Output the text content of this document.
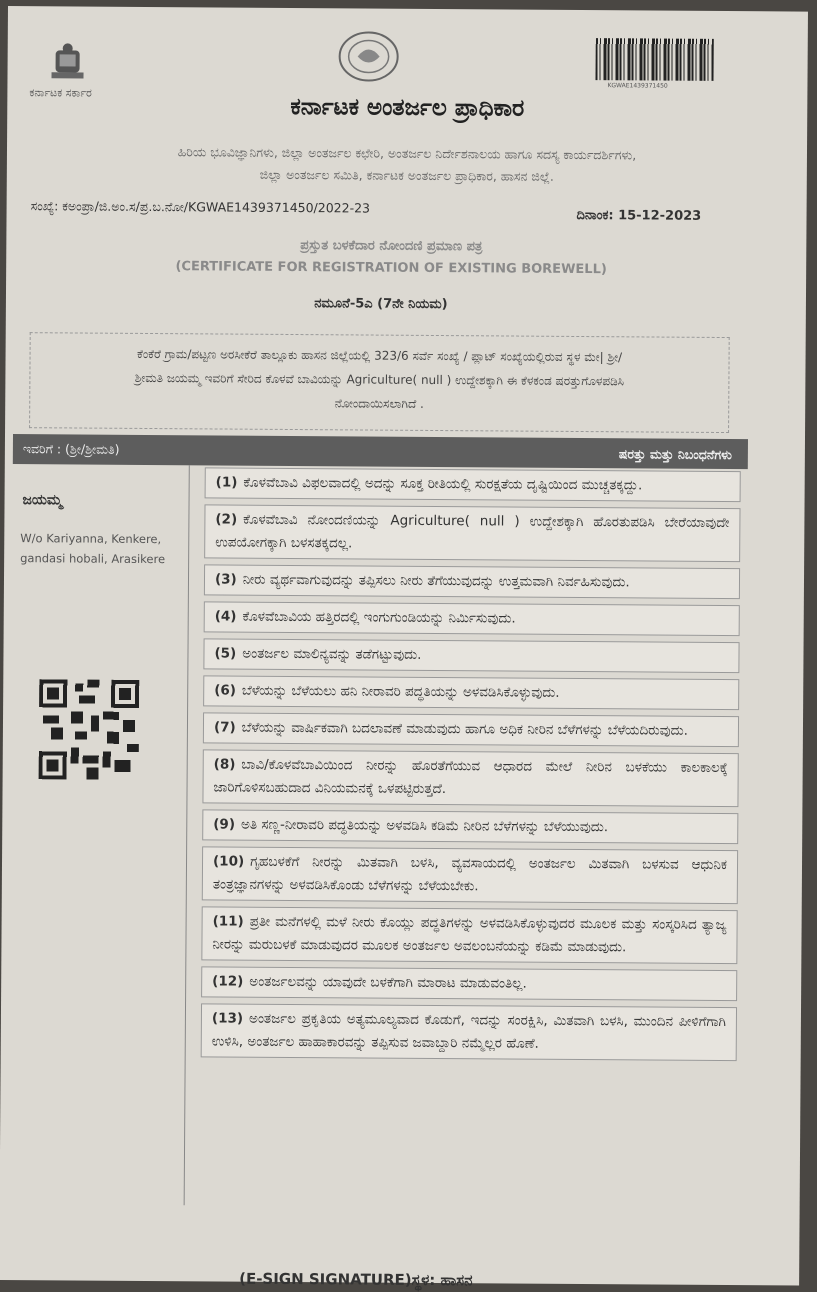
ಕರ್ನಾಟಕ ಸರ್ಕಾರ
KGWAE1439371450
ಕರ್ನಾಟಕ ಅಂತರ್ಜಲ ಪ್ರಾಧಿಕಾರ
ಹಿರಿಯ ಭೂವಿಜ್ಞಾನಿಗಳು, ಜಿಲ್ಲಾ ಅಂತರ್ಜಲ ಕಛೇರಿ, ಅಂತರ್ಜಲ ನಿರ್ದೇಶನಾಲಯ ಹಾಗೂ ಸದಸ್ಯ ಕಾರ್ಯದರ್ಶಿಗಳು,
ಜಿಲ್ಲಾ ಅಂತರ್ಜಲ ಸಮಿತಿ, ಕರ್ನಾಟಕ ಅಂತರ್ಜಲ ಪ್ರಾಧಿಕಾರ, ಹಾಸನ ಜಿಲ್ಲೆ.
ಸಂಖ್ಯೆ: ಕಅಂಪ್ರಾ/ಜಿ.ಅಂ.ಸ/ಪ್ರ.ಬ.ನೋ/KGWAE1439371450/2022-23
ದಿನಾಂಕ: 15-12-2023
ಪ್ರಸ್ತುತ ಬಳಕೆದಾರ ನೋಂದಣಿ ಪ್ರಮಾಣ ಪತ್ರ
(CERTIFICATE FOR REGISTRATION OF EXISTING BOREWELL)
ನಮೂನೆ-5ಎ (7ನೇ ನಿಯಮ)
ಕೆಂಕೆರೆ ಗ್ರಾಮ/ಪಟ್ಟಣ ಅರಸೀಕೆರೆ ತಾಲ್ಲೂಕು ಹಾಸನ ಜಿಲ್ಲೆಯಲ್ಲಿ 323/6 ಸರ್ವೆ ಸಂಖ್ಯೆ / ಪ್ಲಾಟ್ ಸಂಖ್ಯೆಯಲ್ಲಿರುವ ಸ್ಥಳ ಮೇ| ಶ್ರೀ/
ಶ್ರೀಮತಿ ಜಯಮ್ಮ ಇವರಿಗೆ ಸೇರಿದ ಕೊಳವೆ ಬಾವಿಯನ್ನು Agriculture( null ) ಉದ್ದೇಶಕ್ಕಾಗಿ ಈ ಕೆಳಕಂಡ ಷರತ್ತುಗೊಳಪಡಿಸಿ
ನೋಂದಾಯಿಸಲಾಗಿದೆ .
ಇವರಿಗೆ : (ಶ್ರೀ/ಶ್ರೀಮತಿ)	ಷರತ್ತು ಮತ್ತು ನಿಬಂಧನೆಗಳು
ಜಯಮ್ಮ
W/o Kariyanna, Kenkere, gandasi hobali, Arasikere
(1) ಕೊಳವೆಬಾವಿ ವಿಫಲವಾದಲ್ಲಿ ಅದನ್ನು ಸೂಕ್ತ ರೀತಿಯಲ್ಲಿ ಸುರಕ್ಷತೆಯ ದೃಷ್ಟಿಯಿಂದ ಮುಚ್ಚತಕ್ಕದ್ದು.
(2) ಕೊಳವೆಬಾವಿ ನೋಂದಣಿಯನ್ನು Agriculture( null ) ಉದ್ದೇಶಕ್ಕಾಗಿ ಹೊರತುಪಡಿಸಿ ಬೇರೆಯಾವುದೇ ಉಪಯೋಗಕ್ಕಾಗಿ ಬಳಸತಕ್ಕದಲ್ಲ.
(3) ನೀರು ವ್ಯರ್ಥವಾಗುವುದನ್ನು ತಪ್ಪಿಸಲು ನೀರು ತೆಗೆಯುವುದನ್ನು ಉತ್ತಮವಾಗಿ ನಿರ್ವಹಿಸುವುದು.
(4) ಕೊಳವೆಬಾವಿಯ ಹತ್ತಿರದಲ್ಲಿ ಇಂಗುಗುಂಡಿಯನ್ನು ನಿರ್ಮಿಸುವುದು.
(5) ಅಂತರ್ಜಲ ಮಾಲಿನ್ಯವನ್ನು ತಡೆಗಟ್ಟುವುದು.
(6) ಬೆಳೆಯನ್ನು ಬೆಳೆಯಲು ಹನಿ ನೀರಾವರಿ ಪದ್ಧತಿಯನ್ನು ಅಳವಡಿಸಿಕೊಳ್ಳುವುದು.
(7) ಬೆಳೆಯನ್ನು ವಾರ್ಷಿಕವಾಗಿ ಬದಲಾವಣೆ ಮಾಡುವುದು ಹಾಗೂ ಅಧಿಕ ನೀರಿನ ಬೆಳೆಗಳನ್ನು ಬೆಳೆಯದಿರುವುದು.
(8) ಬಾವಿ/ಕೊಳವೆಬಾವಿಯಿಂದ ನೀರನ್ನು ಹೊರತೆಗೆಯುವ ಆಧಾರದ ಮೇಲೆ ನೀರಿನ ಬಳಕೆಯು ಕಾಲಕಾಲಕ್ಕೆ ಜಾರಿಗೊಳಿಸಬಹುದಾದ ವಿನಿಯಮನಕ್ಕೆ ಒಳಪಟ್ಟಿರುತ್ತದೆ.
(9) ಅತಿ ಸಣ್ಣ-ನೀರಾವರಿ ಪದ್ಧತಿಯನ್ನು ಅಳವಡಿಸಿ ಕಡಿಮೆ ನೀರಿನ ಬೆಳೆಗಳನ್ನು ಬೆಳೆಯುವುದು.
(10) ಗೃಹಬಳಕೆಗೆ ನೀರನ್ನು ಮಿತವಾಗಿ ಬಳಸಿ, ವ್ಯವಸಾಯದಲ್ಲಿ ಅಂತರ್ಜಲ ಮಿತವಾಗಿ ಬಳಸುವ ಆಧುನಿಕ ತಂತ್ರಜ್ಞಾನಗಳನ್ನು ಅಳವಡಿಸಿಕೊಂಡು ಬೆಳೆಗಳನ್ನು ಬೆಳೆಯಬೇಕು.
(11) ಪ್ರತೀ ಮನೆಗಳಲ್ಲಿ ಮಳೆ ನೀರು ಕೊಯ್ಲು ಪದ್ಧತಿಗಳನ್ನು ಅಳವಡಿಸಿಕೊಳ್ಳುವುದರ ಮೂಲಕ ಮತ್ತು ಸಂಸ್ಕರಿಸಿದ ತ್ಯಾಜ್ಯ ನೀರನ್ನು ಮರುಬಳಕೆ ಮಾಡುವುದರ ಮೂಲಕ ಅಂತರ್ಜಲ ಅವಲಂಬನೆಯನ್ನು ಕಡಿಮೆ ಮಾಡುವುದು.
(12) ಅಂತರ್ಜಲವನ್ನು ಯಾವುದೇ ಬಳಕೆಗಾಗಿ ಮಾರಾಟ ಮಾಡುವಂತಿಲ್ಲ.
(13) ಅಂತರ್ಜಲ ಪ್ರಕೃತಿಯ ಅತ್ಯಮೂಲ್ಯವಾದ ಕೊಡುಗೆ, ಇದನ್ನು ಸಂರಕ್ಷಿಸಿ, ಮಿತವಾಗಿ ಬಳಸಿ, ಮುಂದಿನ ಪೀಳಿಗೆಗಾಗಿ ಉಳಿಸಿ, ಅಂತರ್ಜಲ ಹಾಹಾಕಾರವನ್ನು ತಪ್ಪಿಸುವ ಜವಾಬ್ದಾರಿ ನಮ್ಮೆಲ್ಲರ ಹೊಣೆ.
(E-SIGN SIGNATURE)ಸ್ಥಳ: ಹಾಸನ
